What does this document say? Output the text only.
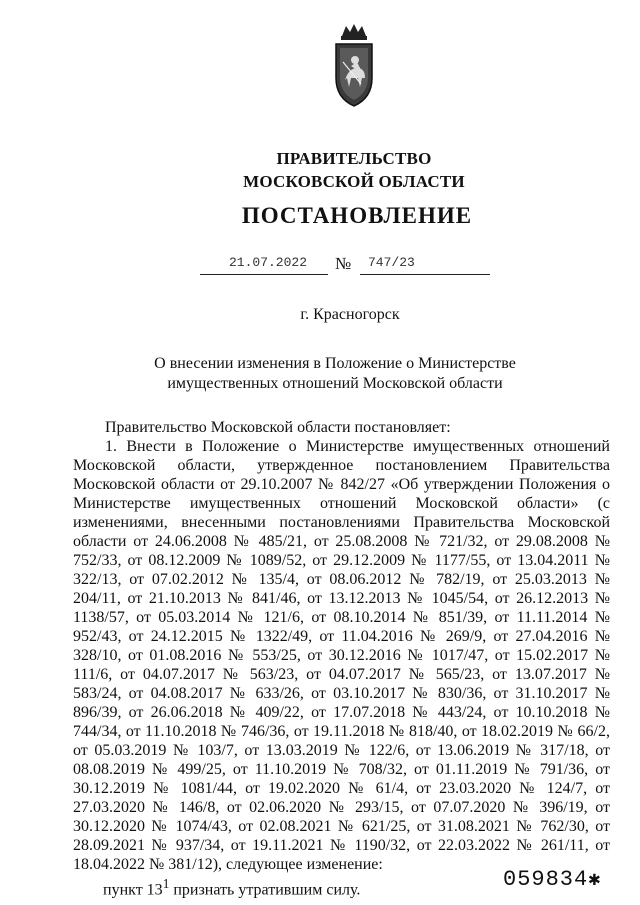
ПРАВИТЕЛЬСТВО
МОСКОВСКОЙ ОБЛАСТИ
ПОСТАНОВЛЕНИЕ
21.07.2022	№	747/23
г. Красногорск
О внесении изменения в Положение о Министерстве имущественных отношений Московской области

Правительство Московской области постановляет:

1. Внести в Положение о Министерстве имущественных отношений Московской области, утвержденное постановлением Правительства Московской области от 29.10.2007 № 842/27 «Об утверждении Положения о Министерстве имущественных отношений Московской области» (с изменениями, внесенными постановлениями Правительства Московской области от 24.06.2008 № 485/21, от 25.08.2008 № 721/32, от 29.08.2008 № 752/33, от 08.12.2009 № 1089/52, от 29.12.2009 № 1177/55, от 13.04.2011 № 322/13, от 07.02.2012 № 135/4, от 08.06.2012 № 782/19, от 25.03.2013 № 204/11, от 21.10.2013 № 841/46, от 13.12.2013 № 1045/54, от 26.12.2013 № 1138/57, от 05.03.2014 № 121/6, от 08.10.2014 № 851/39, от 11.11.2014 № 952/43, от 24.12.2015 № 1322/49, от 11.04.2016 № 269/9, от 27.04.2016 № 328/10, от 01.08.2016 № 553/25, от 30.12.2016 № 1017/47, от 15.02.2017 № 111/6, от 04.07.2017 № 563/23, от 04.07.2017 № 565/23, от 13.07.2017 № 583/24, от 04.08.2017 № 633/26, от 03.10.2017 № 830/36, от 31.10.2017 № 896/39, от 26.06.2018 № 409/22, от 17.07.2018 № 443/24, от 10.10.2018 № 744/34, от 11.10.2018 № 746/36, от 19.11.2018 № 818/40, от 18.02.2019 № 66/2, от 05.03.2019 № 103/7, от 13.03.2019 № 122/6, от 13.06.2019 № 317/18, от 08.08.2019 № 499/25, от 11.10.2019 № 708/32, от 01.11.2019 № 791/36, от 30.12.2019 № 1081/44, от 19.02.2020 № 61/4, от 23.03.2020 № 124/7, от 27.03.2020 № 146/8, от 02.06.2020 № 293/15, от 07.07.2020 № 396/19, от 30.12.2020 № 1074/43, от 02.08.2021 № 621/25, от 31.08.2021 № 762/30, от 28.09.2021 № 937/34, от 19.11.2021 № 1190/32, от 22.03.2022 № 261/11, от 18.04.2022 № 381/12), следующее изменение:

пункт $13^1$ признать утратившим силу.	059834✱
